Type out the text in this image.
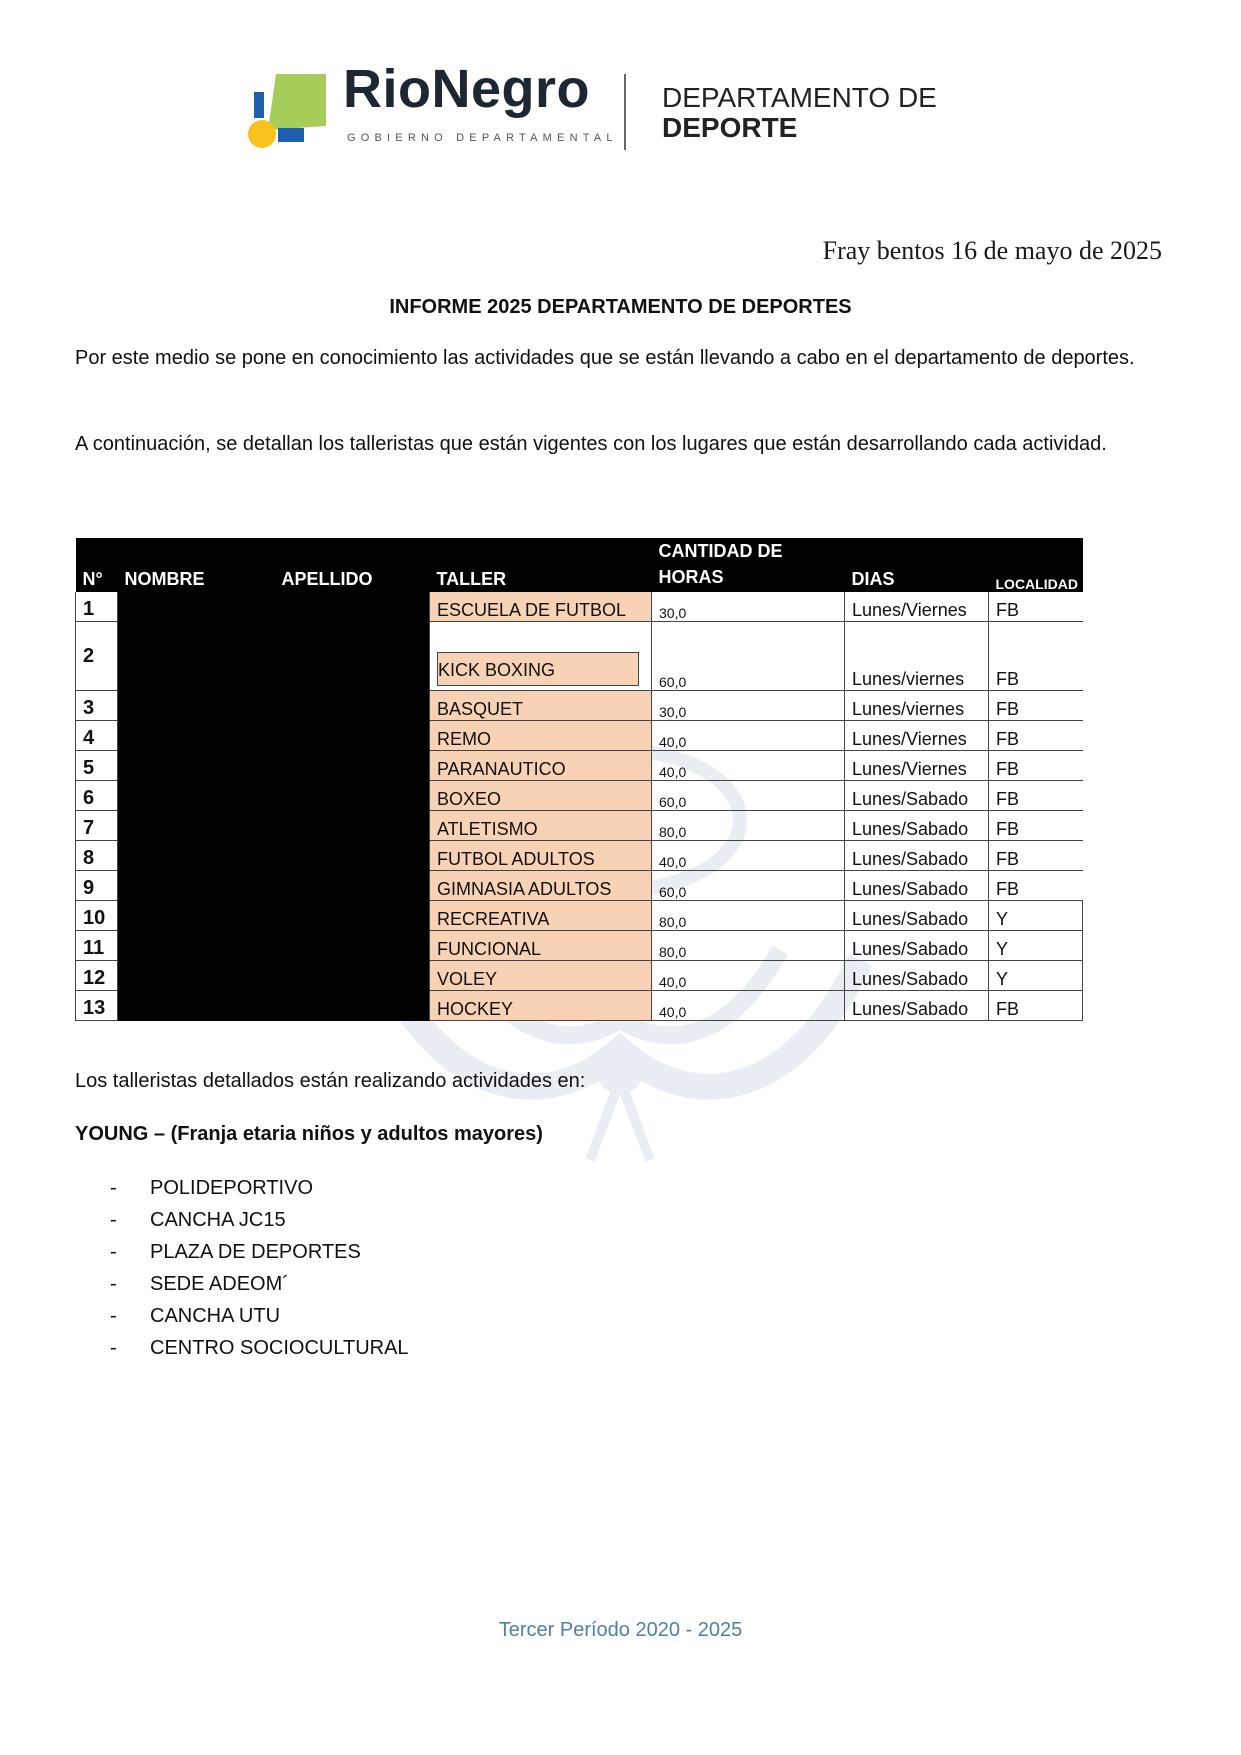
RioNegro
GOBIERNO DEPARTAMENTAL
DEPARTAMENTO DE
DEPORTE
Fray bentos 16 de mayo de 2025
INFORME 2025 DEPARTAMENTO DE DEPORTES
Por este medio se pone en conocimiento las actividades que se están llevando a cabo en el departamento de deportes.
A continuación, se detallan los talleristas que están vigentes con los lugares que están desarrollando cada actividad.
N°	NOMBRE	APELLIDO	TALLER	CANTIDAD DE HORAS	DIAS	LOCALIDAD
1			ESCUELA DE FUTBOL	30,0	Lunes/Viernes	FB
2			KICK BOXING	60,0	Lunes/viernes	FB
3			BASQUET	30,0	Lunes/viernes	FB
4			REMO	40,0	Lunes/Viernes	FB
5			PARANAUTICO	40,0	Lunes/Viernes	FB
6			BOXEO	60,0	Lunes/Sabado	FB
7			ATLETISMO	80,0	Lunes/Sabado	FB
8			FUTBOL ADULTOS	40,0	Lunes/Sabado	FB
9			GIMNASIA ADULTOS	60,0	Lunes/Sabado	FB
10			RECREATIVA	80,0	Lunes/Sabado	Y
11			FUNCIONAL	80,0	Lunes/Sabado	Y
12			VOLEY	40,0	Lunes/Sabado	Y
13			HOCKEY	40,0	Lunes/Sabado	FB
Los talleristas detallados están realizando actividades en:
YOUNG – (Franja etaria niños y adultos mayores)
-	POLIDEPORTIVO
-	CANCHA JC15
-	PLAZA DE DEPORTES
-	SEDE ADEOM´
-	CANCHA UTU
-	CENTRO SOCIOCULTURAL
Tercer Período 2020 - 2025
